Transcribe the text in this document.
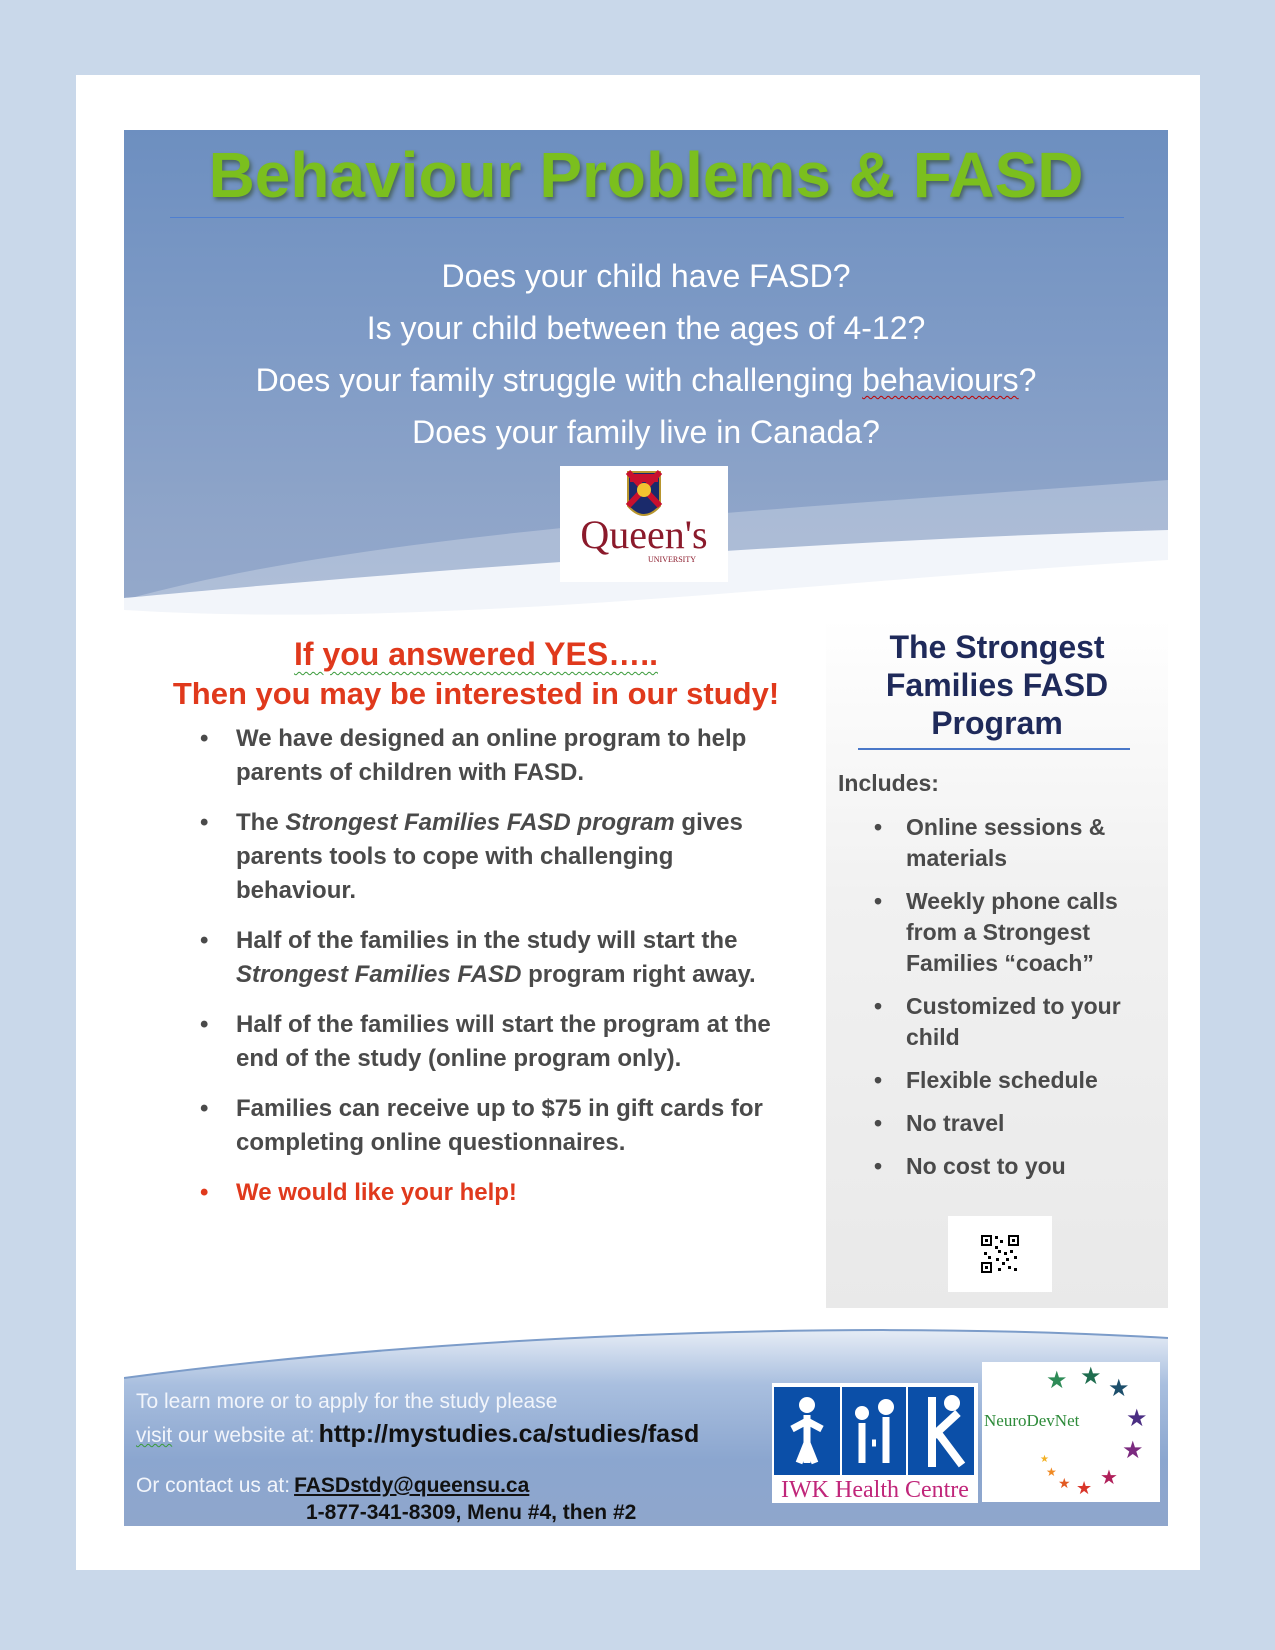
Behaviour Problems & FASD
Does your child have FASD?
Is your child between the ages of 4-12?
Does your family struggle with challenging behaviours?
Does your family live in Canada?
Queen's
UNIVERSITY
If you answered YES…..
Then you may be interested in our study!
• We have designed an online program to help parents of children with FASD.
• The Strongest Families FASD program gives parents tools to cope with challenging behaviour.
• Half of the families in the study will start the Strongest Families FASD program right away.
• Half of the families will start the program at the end of the study (online program only).
• Families can receive up to $75 in gift cards for completing online questionnaires.
• We would like your help!
The Strongest
Families FASD
Program
Includes:
• Online sessions & materials
• Weekly phone calls from a Strongest Families “coach”
• Customized to your child
• Flexible schedule
• No travel
• No cost to you
To learn more or to apply for the study please
visit our website at: http://mystudies.ca/studies/fasd
Or contact us at: FASDstdy@queensu.ca
1-877-341-8309, Menu #4, then #2
IWK Health Centre
NeuroDevNet
★ ★ ★
★
★
★
★
★
★
★
